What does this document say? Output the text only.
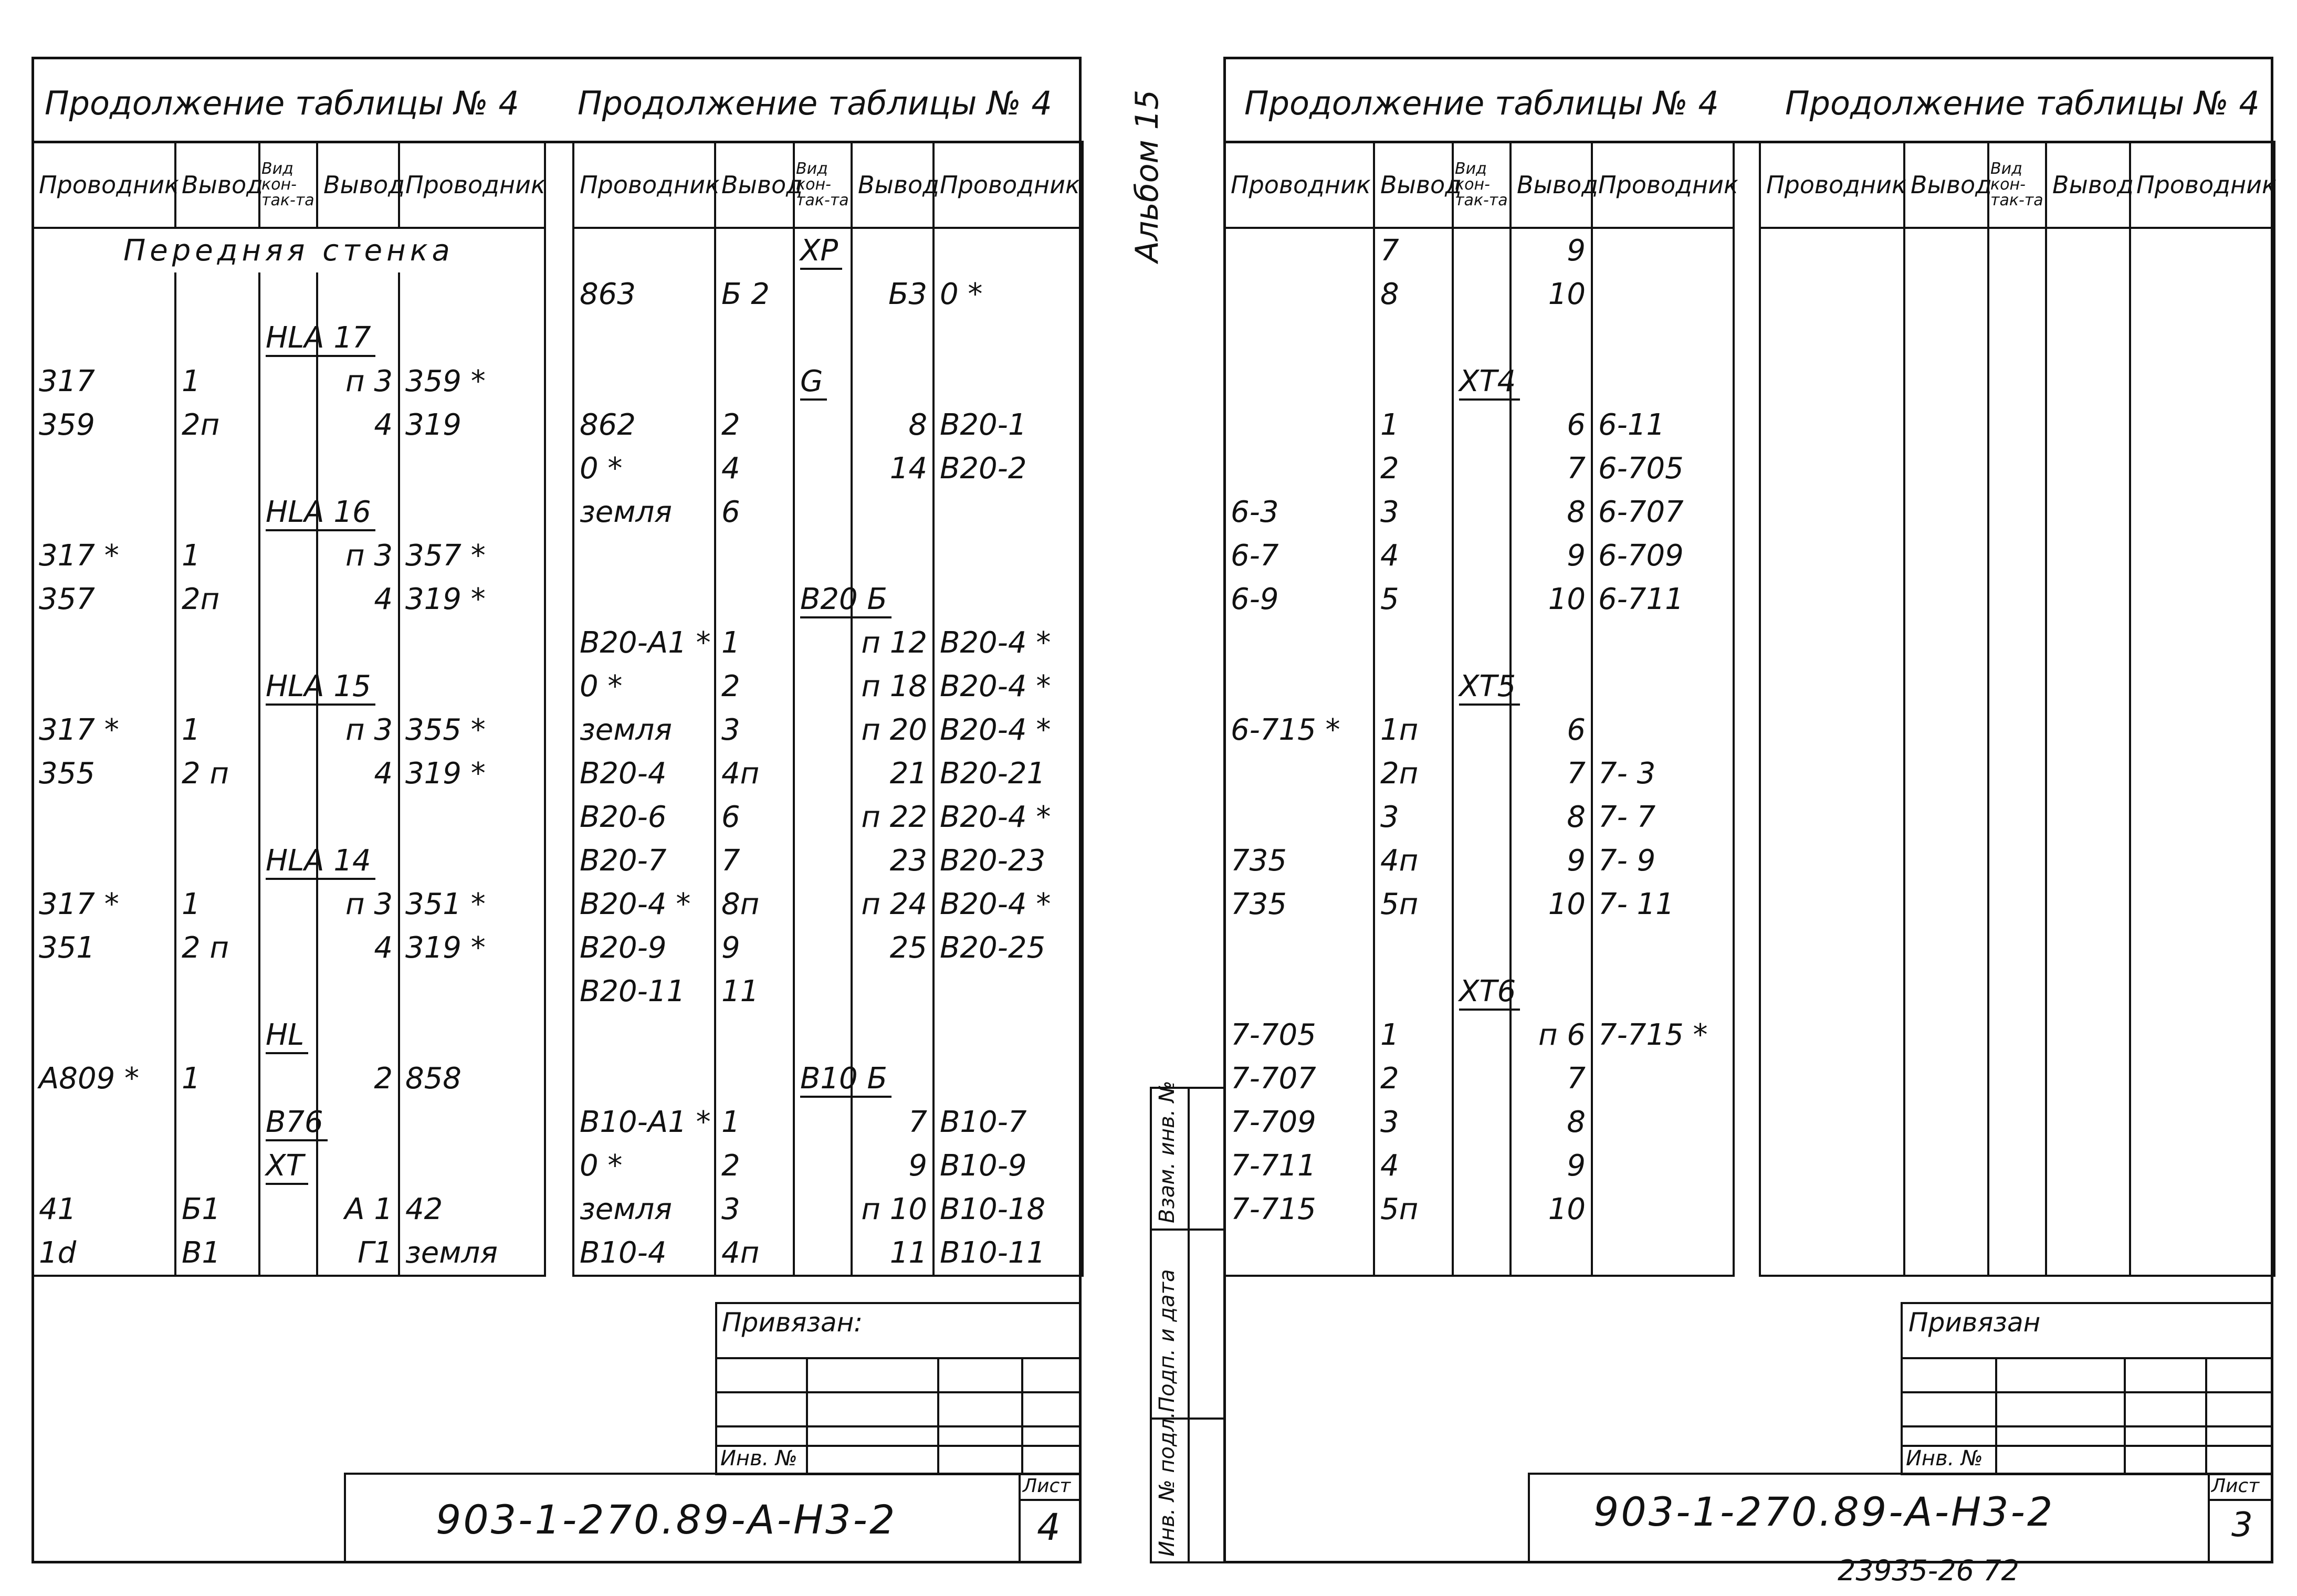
Продолжение таблицы № 4 Продолжение таблицы № 4
Проводник	Вывод	Вид кон-так-та	Вывод	Проводник
Передняя стенка				

		HLA 17		
317	1		п 3	359 *
359	2п		4	319

		HLA 16		
317 *	1		п 3	357 *
357	2п		4	319 *

		HLA 15		
317 *	1		п 3	355 *
355	2 п		4	319 *

		HLA 14		
317 *	1		п 3	351 *
351	2 п		4	319 *

		HL		
A809 *	1		2	858
		B76		
		XT		
41	Б1		A 1	42
1d	B1		Г1	земля
Проводник	Вывод	Вид кон-так-та	Вывод	Проводник
		XP		
863	Б 2		Б3	0 *

		G		
862	2		8	B20-1
0 *	4		14	B20-2
земля	6			

		B20 Б		
B20-A1 *	1		п 12	B20-4 *
0 *	2		п 18	B20-4 *
земля	3		п 20	B20-4 *
B20-4	4п		21	B20-21
B20-6	6		п 22	B20-4 *
B20-7	7		23	B20-23
B20-4 *	8п		п 24	B20-4 *
B20-9	9		25	B20-25
B20-11	11			

		B10 Б		
B10-A1 *	1		7	B10-7
0 *	2		9	B10-9
земля	3		п 10	B10-18
B10-4	4п		11	B10-11
Привязан:
Инв. №
903-1-270.89-A-H3-2
Лист
4
Продолжение таблицы № 4 Продолжение таблицы № 4
Альбом 15	Проводник	Вывод	Вид кон-так-та	Вывод	Проводник
	7		9	
	8		10	

		XT4		
	1		6	6-11
	2		7	6-705
6-3	3		8	6-707
6-7	4		9	6-709
6-9	5		10	6-711

		XT5		
6-715 *	1п		6	
	2п		7	7- 3
	3		8	7- 7
735	4п		9	7- 9
735	5п		10	7- 11

		XT6		
7-705	1		п 6	7-715 *
7-707	2		7	
7-709	3		8	
7-711	4		9	
7-715	5п		10	

Проводник	Вывод	Вид кон-так-та	Вывод	Проводник

Взам. инв. №
Подп. и дата
Инв. № подл.
Привязан
Инв. №
903-1-270.89-A-H3-2
Лист
3
23935-26 72
